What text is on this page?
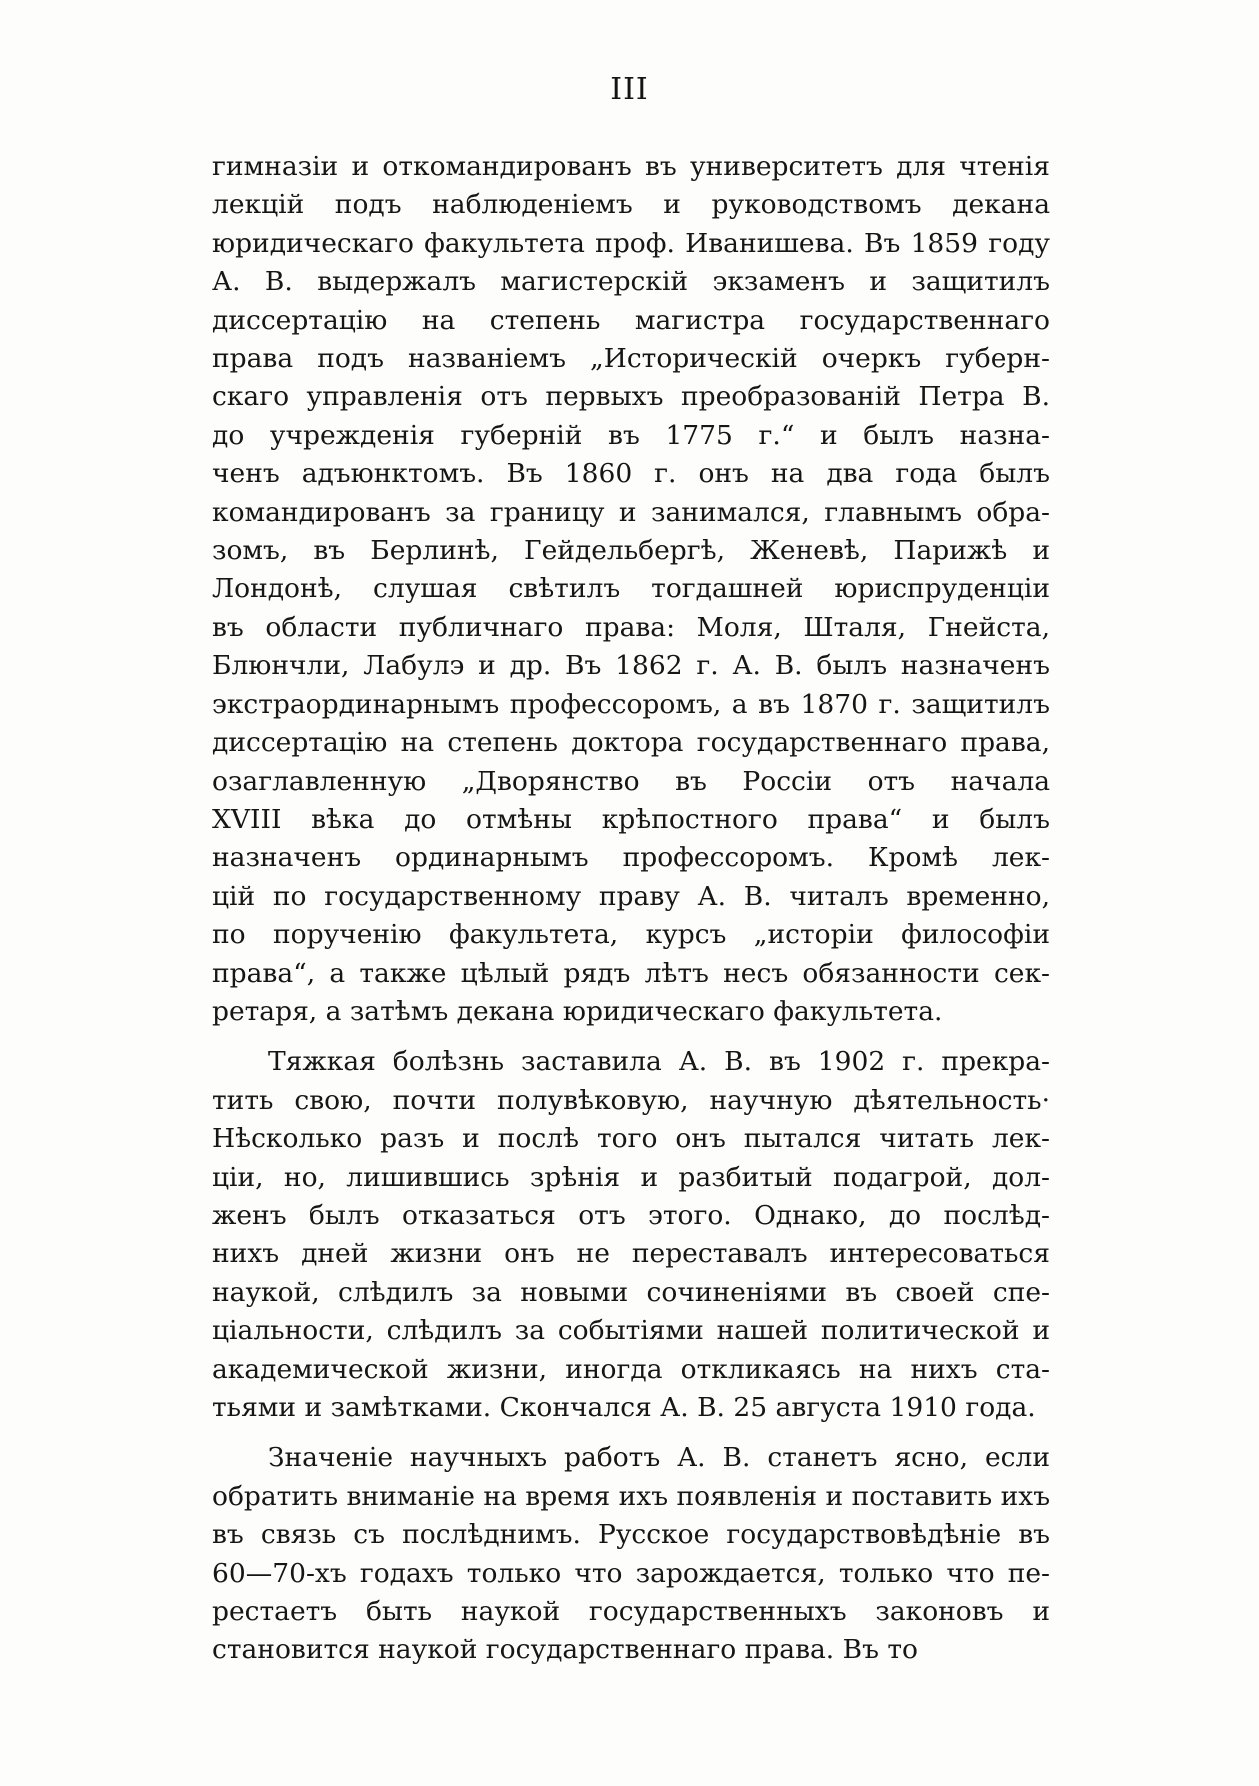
III
гимназіи и откомандированъ въ университетъ для чтенія
лекцій подъ наблюденіемъ и руководствомъ декана
юридическаго факультета проф. Иванишева. Въ 1859 году
А. В. выдержалъ магистерскій экзаменъ и защитилъ
диссертацію на степень магистра государственнаго
права подъ названіемъ „Историческій очеркъ губерн-
скаго управленія отъ первыхъ преобразованій Петра В.
до учрежденія губерній въ 1775 г.“ и былъ назна-
ченъ адъюнктомъ. Въ 1860 г. онъ на два года былъ
командированъ за границу и занимался, главнымъ обра-
зомъ, въ Берлинѣ, Гейдельбергѣ, Женевѣ, Парижѣ и
Лондонѣ, слушая свѣтилъ тогдашней юриспруденціи
въ области публичнаго права: Моля, Шталя, Гнейста,
Блюнчли, Лабулэ и др. Въ 1862 г. А. В. былъ назначенъ
экстраординарнымъ профессоромъ, а въ 1870 г. защитилъ
диссертацію на степень доктора государственнаго права,
озаглавленную „Дворянство въ Россіи отъ начала
XVIII вѣка до отмѣны крѣпостного права“ и былъ
назначенъ ординарнымъ профессоромъ. Кромѣ лек-
цій по государственному праву А. В. читалъ временно,
по порученію факультета, курсъ „исторіи философіи
права“, а также цѣлый рядъ лѣтъ несъ обязанности сек-
ретаря, а затѣмъ декана юридическаго факультета.
Тяжкая болѣзнь заставила А. В. въ 1902 г. прекра-
тить свою, почти полувѣковую, научную дѣятельность·
Нѣсколько разъ и послѣ того онъ пытался читать лек-
ціи, но, лишившись зрѣнія и разбитый подагрой, дол-
женъ былъ отказаться отъ этого. Однако, до послѣд-
нихъ дней жизни онъ не переставалъ интересоваться
наукой, слѣдилъ за новыми сочиненіями въ своей спе-
ціальности, слѣдилъ за событіями нашей политической и
академической жизни, иногда откликаясь на нихъ ста-
тьями и замѣтками. Скончался А. В. 25 августа 1910 года.
Значеніе научныхъ работъ А. В. станетъ ясно, если
обратить вниманіе на время ихъ появленія и поставить ихъ
въ связь съ послѣднимъ. Русское государствовѣдѣніе въ
60—70-хъ годахъ только что зарождается, только что пе-
рестаетъ быть наукой государственныхъ законовъ и
становится наукой государственнаго права. Въ то
